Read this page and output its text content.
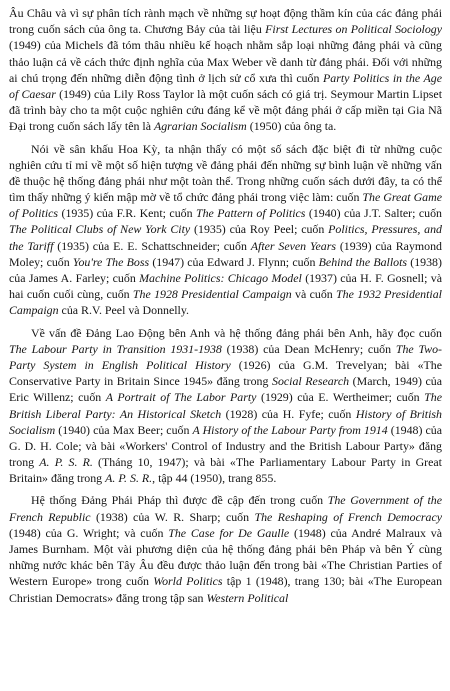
Âu Châu và vì sự phân tích rành mạch về những sự hoạt động thầm kín của các đảng phái trong cuốn sách của ông ta. Chương Bảy của tài liệu First Lectures on Political Sociology (1949) của Michels đã tóm thâu nhiều kế hoạch nhằm sắp loại những đảng phái và cũng thảo luận cả về cách thức định nghĩa của Max Weber về danh từ đảng phái. Đối với những ai chú trọng đến những diễn động tình ở lịch sử cổ xưa thì cuốn Party Politics in the Age of Caesar (1949) của Lily Ross Taylor là một cuốn sách có giá trị. Seymour Martin Lipset đã trình bày cho ta một cuộc nghiên cứu đáng kể về một đảng phái ở cấp miền tại Gia Nã Đại trong cuốn sách lấy tên là Agrarian Socialism (1950) của ông ta.

Nói về sân khấu Hoa Kỳ, ta nhận thấy có một số sách đặc biệt đi từ những cuộc nghiên cứu tỉ mỉ về một số hiện tượng về đảng phái đến những sự bình luận về những vấn đề thuộc hệ thống đảng phái như một toàn thể. Trong những cuốn sách dưới đây, ta có thể tìm thấy những ý kiến mập mờ về tổ chức đảng phái trong việc làm: cuốn The Great Game of Politics (1935) của F.R. Kent; cuốn The Pattern of Politics (1940) của J.T. Salter; cuốn The Political Clubs of New York City (1935) của Roy Peel; cuốn Politics, Pressures, and the Tariff (1935) của E. E. Schattschneider; cuốn After Seven Years (1939) của Raymond Moley; cuốn You're The Boss (1947) của Edward J. Flynn; cuốn Behind the Ballots (1938) của James A. Farley; cuốn Machine Politics: Chicago Model (1937) của H. F. Gosnell; và hai cuốn cuối cùng, cuốn The 1928 Presidential Campaign và cuốn The 1932 Presidential Campaign của R.V. Peel và Donnelly.

Về vấn đề Đảng Lao Động bên Anh và hệ thống đảng phái bên Anh, hãy đọc cuốn The Labour Party in Transition 1931-1938 (1938) của Dean McHenry; cuốn The Two-Party System in English Political History (1926) của G.M. Trevelyan; bài «The Conservative Party in Britain Since 1945» đăng trong Social Research (March, 1949) của Eric Willenz; cuốn A Portrait of The Labor Party (1929) của E. Wertheimer; cuốn The British Liberal Party: An Historical Sketch (1928) của H. Fyfe; cuốn History of British Socialism (1940) của Max Beer; cuốn A History of the Labour Party from 1914 (1948) của G. D. H. Cole; và bài «Workers' Control of Industry and the British Labour Party» đăng trong A. P. S. R. (Tháng 10, 1947); và bài «The Parliamentary Labour Party in Great Britain» đăng trong A. P. S. R., tập 44 (1950), trang 855.

Hệ thống Đảng Phái Pháp thì được đề cập đến trong cuốn The Government of the French Republic (1938) của W. R. Sharp; cuốn The Reshaping of French Democracy (1948) của G. Wright; và cuốn The Case for De Gaulle (1948) của André Malraux và James Burnham. Một vài phương diện của hệ thống đảng phái bên Pháp và bên Ý cùng những nước khác bên Tây Âu đều được thảo luận đến trong bài «The Christian Parties of Western Europe» trong cuốn World Politics tập 1 (1948), trang 130; bài «The European Christian Democrats» đăng trong tập san Western Political
